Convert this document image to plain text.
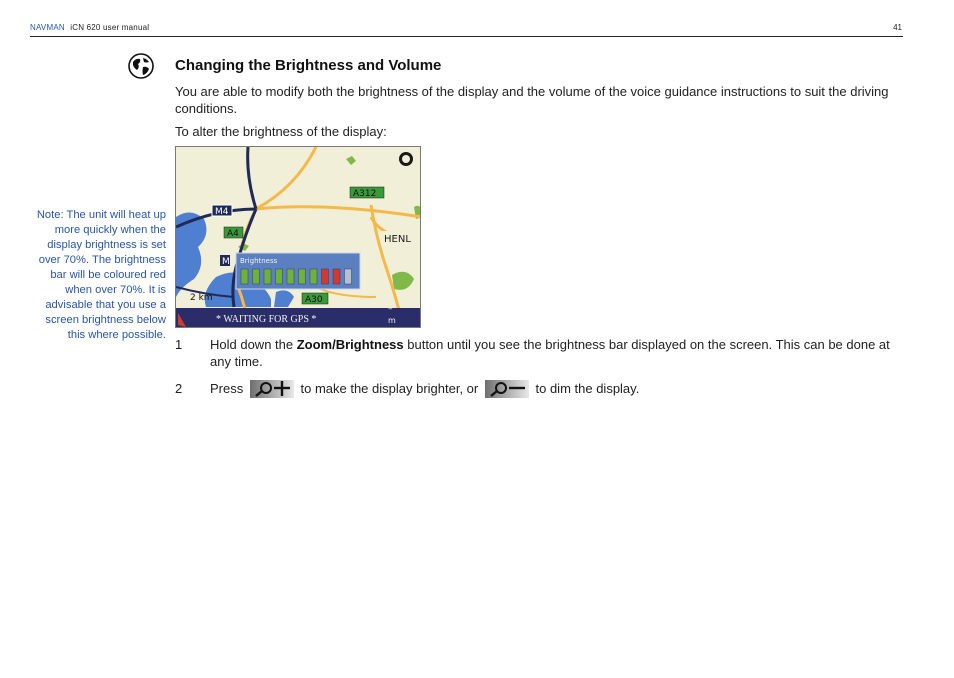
NAVMAN iCN 620 user manual	41
Changing the Brightness and Volume
You are able to modify both the brightness of the display and the volume of the voice guidance instructions to suit the driving conditions.
To alter the brightness of the display:
Note: The unit will heat up more quickly when the display brightness is set over 70%. The brightness bar will be coloured red when over 70%. It is advisable that you use a screen brightness below this where possible.
M4
A4
A312
A30
HENL
M Brightness
2 km
* WAITING FOR GPS *
–
m
1 Hold down the Zoom/Brightness button until you see the brightness bar displayed on the screen. This can be done at any time.
2 Press	to make the display brighter, or	to dim the display.
